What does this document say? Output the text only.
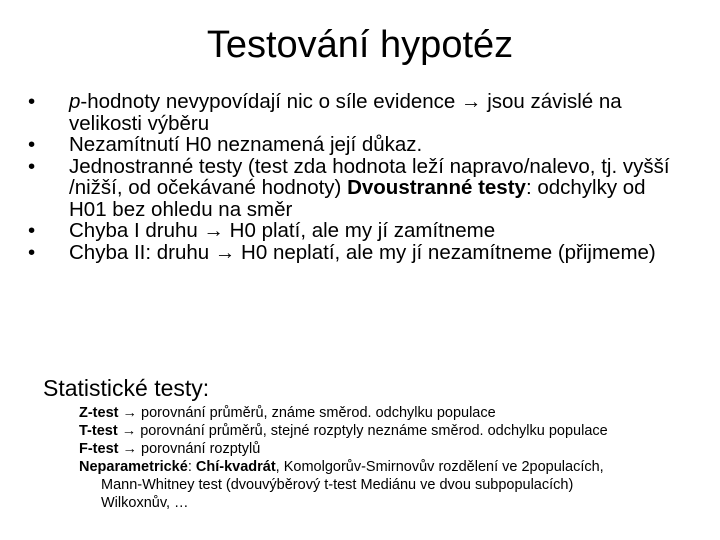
Testování hypotéz
• p-hodnoty nevypovídají nic o síle evidence → jsou závislé na velikosti výběru
• Nezamítnutí H0 neznamená její důkaz.
• Jednostranné testy (test zda hodnota leží napravo/nalevo, tj. vyšší /nižší, od očekávané hodnoty) Dvoustranné testy: odchylky od H01 bez ohledu na směr
• Chyba I druhu → H0 platí, ale my jí zamítneme
• Chyba II: druhu → H0 neplatí, ale my jí nezamítneme (přijmeme)
Statistické testy:
Z-test → porovnání průměrů, známe směrod. odchylku populace
T-test → porovnání průměrů, stejné rozptyly neznáme směrod. odchylku populace
F-test → porovnání rozptylů
Neparametrické: Chí-kvadrát, Komolgorův-Smirnovův rozdělení ve 2populacích,
Mann-Whitney test (dvouvýběrový t-test Mediánu ve dvou subpopulacích)
Wilkoxnův, …
